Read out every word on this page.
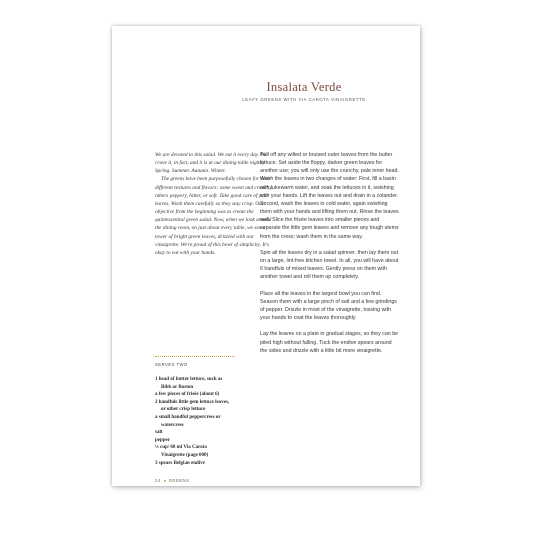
Insalata Verde
LEAFY GREENS WITH VIA CAROTA VINAIGRETTE

We are devoted to this salad. We eat it every day. We crave it, in fact, and it is at our dining table nightly. Spring. Summer. Autumn. Winter.

The greens have been purposefully chosen for their different textures and flavors: some sweet and crunchy, others peppery, bitter, or soft. Take good care of your leaves. Wash them carefully so they stay crisp. Our objective from the beginning was to create the quintessential green salad. Now, when we look around the dining room, on just about every table, we see a tower of bright green leaves, drizzled with our vinaigrette. We're proud of this bowl of simplicity. It's okay to eat with your hands.

SERVES TWO
1 head of butter lettuce, such as
Bibb or Boston
a few pieces of frisée (about 6)
2 handfuls little gem lettuce leaves,
or other crisp lettuce
a small handful peppercress or
watercress
salt
pepper
¼ cup/ 60 ml Via Carota
Vinaigrette (page 000)
3 spears Belgian endive

Pull off any wilted or bruised outer leaves from the butter lettuce. Set aside the floppy, darker green leaves for another use; you will only use the crunchy, pale inner head. Wash the leaves in two changes of water: First, fill a basin with lukewarm water, and soak the lettuces in it, swishing with your hands. Lift the leaves out and drain in a colander. Second, wash the leaves in cold water, again swishing them with your hands and lifting them out. Rinse the leaves well. Slice the frisée leaves into smaller pieces and separate the little gem leaves and remove any tough stems from the cress; wash them in the same way.

Spin all the leaves dry in a salad spinner, then lay them out on a large, lint-free kitchen towel. In all, you will have about 6 handfuls of mixed leaves. Gently press on them with another towel and roll them up completely.

Place all the leaves in the largest bowl you can find. Season them with a large pinch of salt and a few grindings of pepper. Drizzle in most of the vinaigrette, tossing with your hands to coat the leaves thoroughly.

Lay the leaves on a plate in gradual stages, so they can be piled high without falling. Tuck the endive spears around the sides and drizzle with a little bit more vinaigrette.

24 GREENS
